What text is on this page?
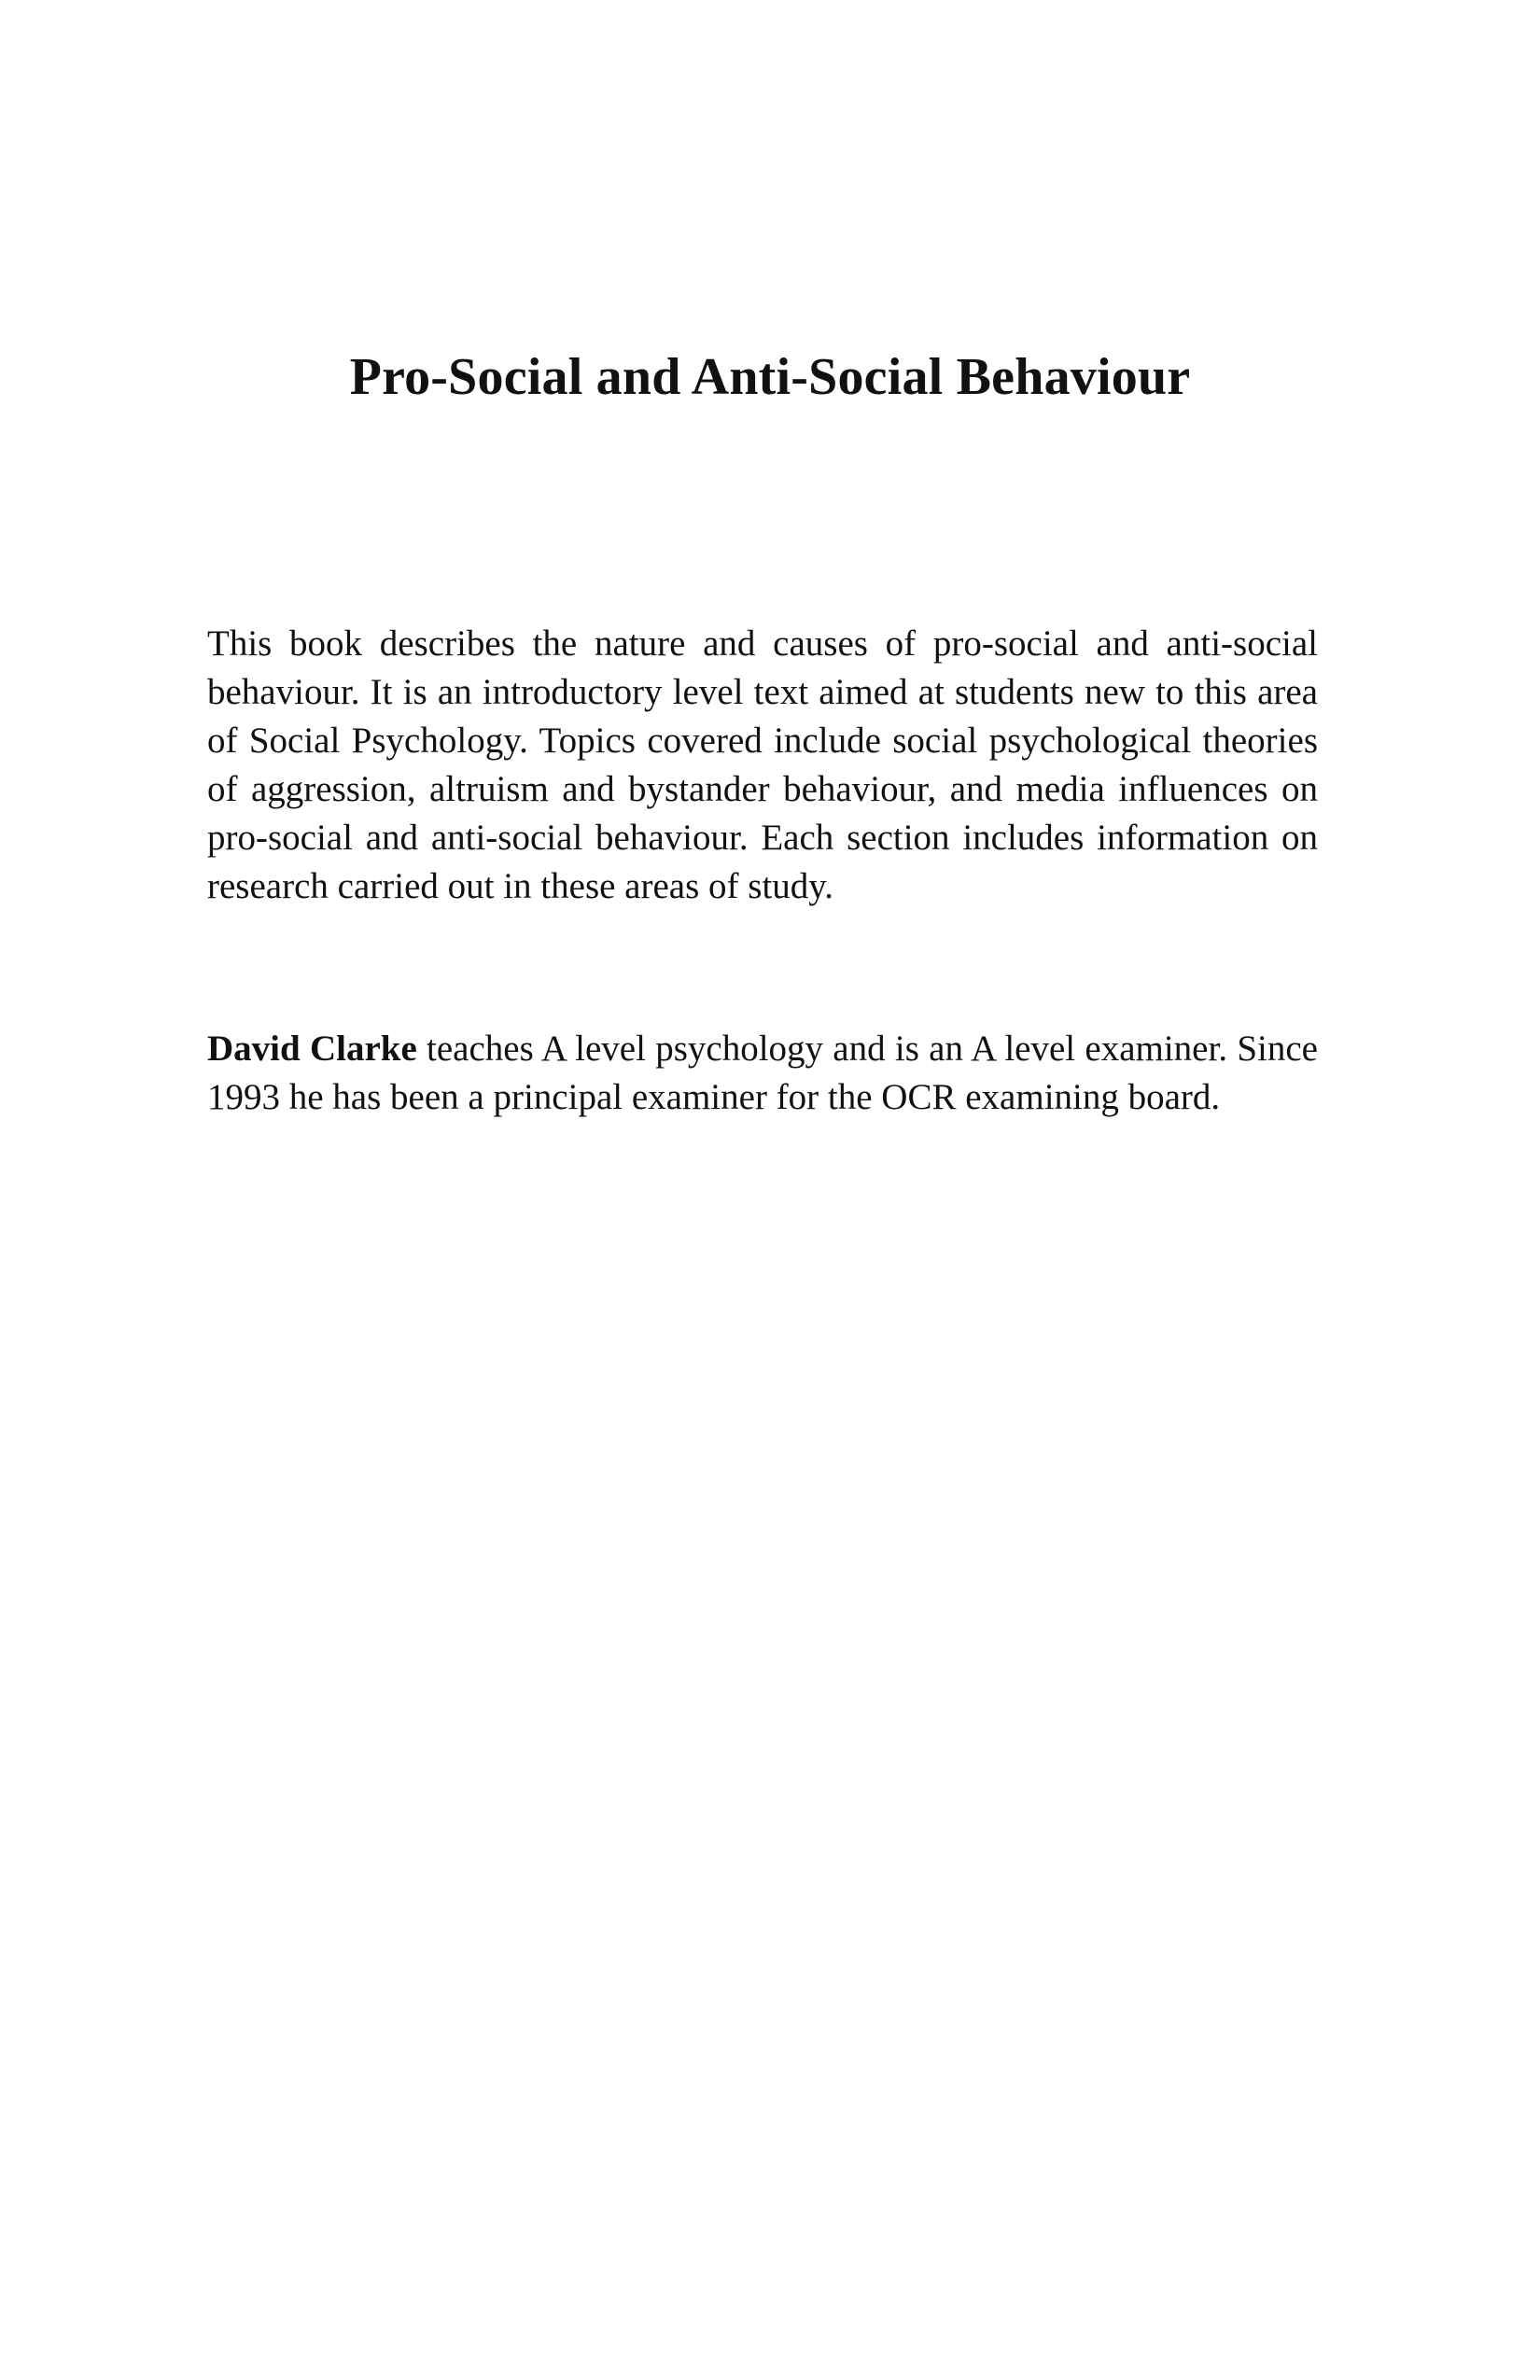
Pro-Social and Anti-Social Behaviour

This book describes the nature and causes of pro-social and anti-social behaviour. It is an introductory level text aimed at students new to this area of Social Psychology. Topics covered include social psychological theories of aggression, altruism and bystander behaviour, and media influences on pro-social and anti-social behaviour. Each section includes information on research carried out in these areas of study.

David Clarke teaches A level psychology and is an A level examiner. Since 1993 he has been a principal examiner for the OCR examining board.
